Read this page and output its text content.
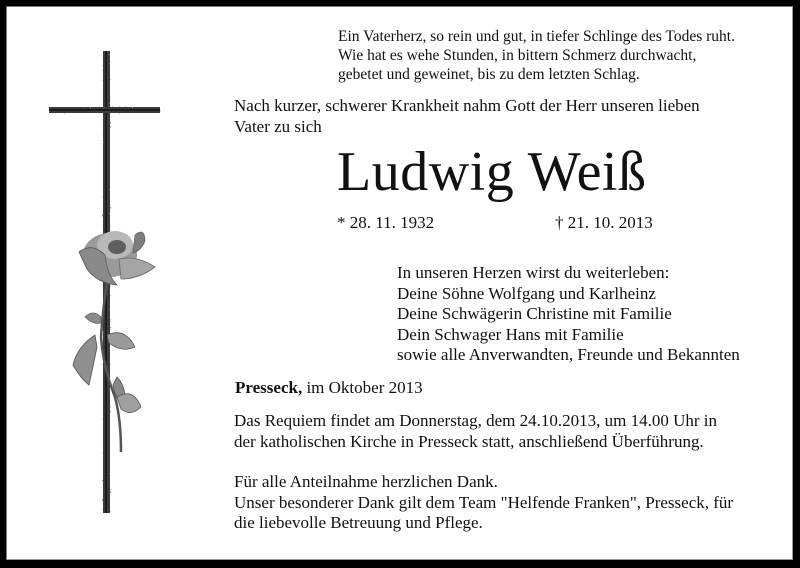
Ein Vaterherz, so rein und gut, in tiefer Schlinge des Todes ruht.
Wie hat es wehe Stunden, in bittern Schmerz durchwacht,
gebetet und geweinet, bis zu dem letzten Schlag.
Nach kurzer, schwerer Krankheit nahm Gott der Herr unseren lieben
Vater zu sich
Ludwig Weiß
* 28. 11. 1932	† 21. 10. 2013
In unseren Herzen wirst du weiterleben:
Deine Söhne Wolfgang und Karlheinz
Deine Schwägerin Christine mit Familie
Dein Schwager Hans mit Familie
sowie alle Anverwandten, Freunde und Bekannten
Presseck, im Oktober 2013
Das Requiem findet am Donnerstag, dem 24.10.2013, um 14.00 Uhr in
der katholischen Kirche in Presseck statt, anschließend Überführung.
Für alle Anteilnahme herzlichen Dank.
Unser besonderer Dank gilt dem Team "Helfende Franken", Presseck, für
die liebevolle Betreuung und Pflege.
